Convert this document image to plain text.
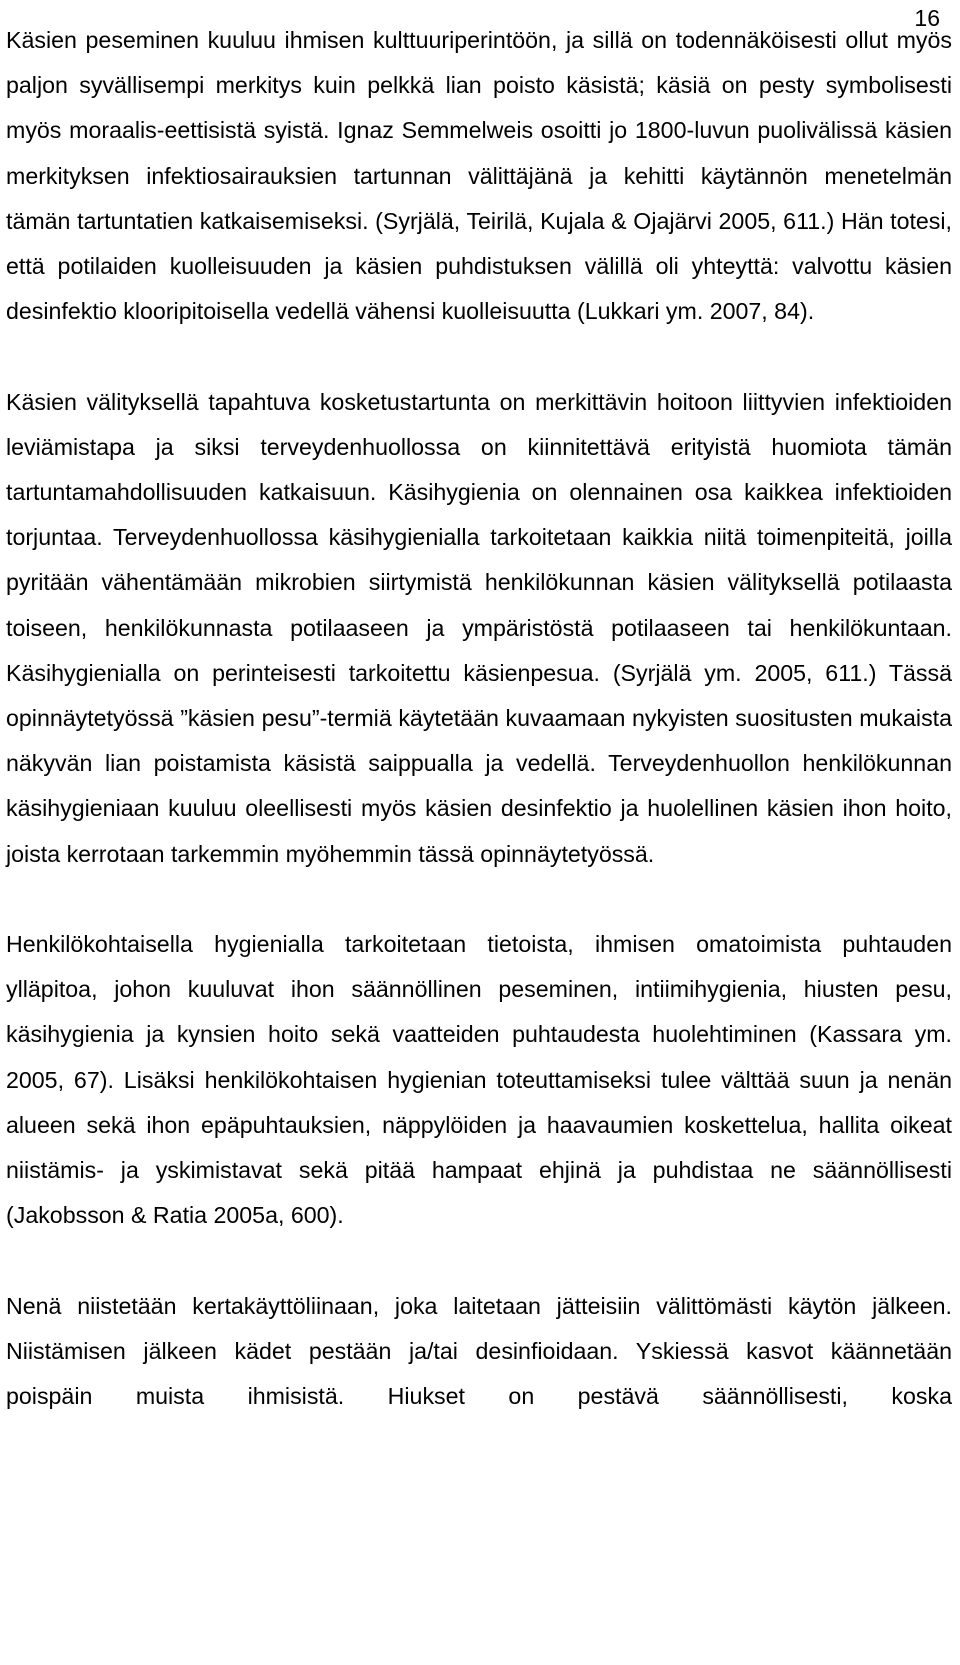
16

Käsien peseminen kuuluu ihmisen kulttuuriperintöön, ja sillä on todennäköisesti ollut myös paljon syvällisempi merkitys kuin pelkkä lian poisto käsistä; käsiä on pesty symbolisesti myös moraalis-eettisistä syistä. Ignaz Semmelweis osoitti jo 1800-luvun puolivälissä käsien merkityksen infektiosairauksien tartunnan välittäjänä ja kehitti käytännön menetelmän tämän tartuntatien katkaisemiseksi. (Syrjälä, Teirilä, Kujala & Ojajärvi 2005, 611.) Hän totesi, että potilaiden kuolleisuuden ja käsien puhdistuksen välillä oli yhteyttä: valvottu käsien desinfektio klooripitoisella vedellä vähensi kuolleisuutta (Lukkari ym. 2007, 84).

Käsien välityksellä tapahtuva kosketustartunta on merkittävin hoitoon liittyvien infektioiden leviämistapa ja siksi terveydenhuollossa on kiinnitettävä erityistä huomiota tämän tartuntamahdollisuuden katkaisuun. Käsihygienia on olennainen osa kaikkea infektioiden torjuntaa. Terveydenhuollossa käsihygienialla tarkoitetaan kaikkia niitä toimenpiteitä, joilla pyritään vähentämään mikrobien siirtymistä henkilökunnan käsien välityksellä potilaasta toiseen, henkilökunnasta potilaaseen ja ympäristöstä potilaaseen tai henkilökuntaan. Käsihygienialla on perinteisesti tarkoitettu käsienpesua. (Syrjälä ym. 2005, 611.) Tässä opinnäytetyössä ”käsien pesu”-termiä käytetään kuvaamaan nykyisten suositusten mukaista näkyvän lian poistamista käsistä saippualla ja vedellä. Terveydenhuollon henkilökunnan käsihygieniaan kuuluu oleellisesti myös käsien desinfektio ja huolellinen käsien ihon hoito, joista kerrotaan tarkemmin myöhemmin tässä opinnäytetyössä.

Henkilökohtaisella hygienialla tarkoitetaan tietoista, ihmisen omatoimista puhtauden ylläpitoa, johon kuuluvat ihon säännöllinen peseminen, intiimihygienia, hiusten pesu, käsihygienia ja kynsien hoito sekä vaatteiden puhtaudesta huolehtiminen (Kassara ym. 2005, 67). Lisäksi henkilökohtaisen hygienian toteuttamiseksi tulee välttää suun ja nenän alueen sekä ihon epäpuhtauksien, näppylöiden ja haavaumien koskettelua, hallita oikeat niistämis- ja yskimistavat sekä pitää hampaat ehjinä ja puhdistaa ne säännöllisesti (Jakobsson & Ratia 2005a, 600).

Nenä niistetään kertakäyttöliinaan, joka laitetaan jätteisiin välittömästi käytön jälkeen. Niistämisen jälkeen kädet pestään ja/tai desinfioidaan. Yskiessä kasvot käännetään poispäin muista ihmisistä. Hiukset on pestävä säännöllisesti, koska
